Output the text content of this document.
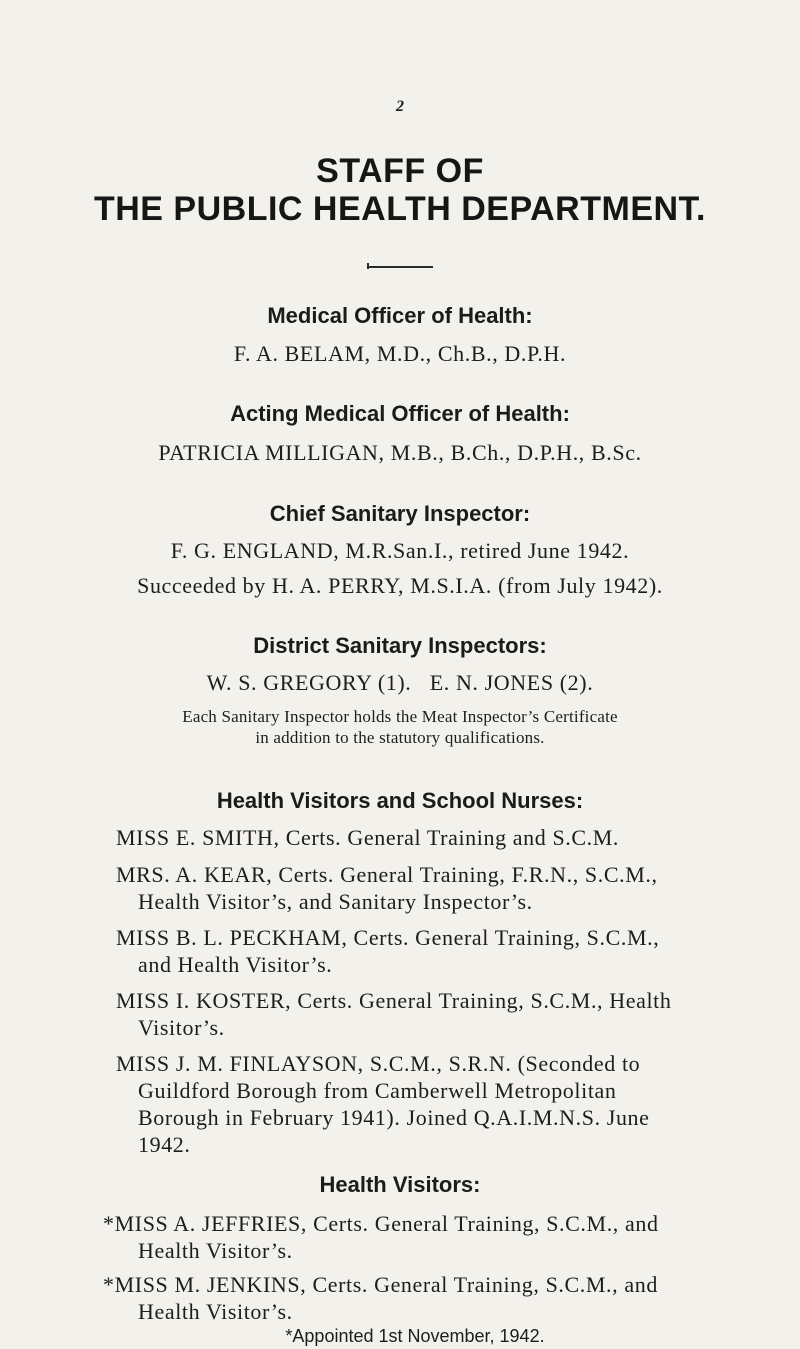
2
STAFF OF
THE PUBLIC HEALTH DEPARTMENT.
Medical Officer of Health:
F. A. BELAM, M.D., Ch.B., D.P.H.
Acting Medical Officer of Health:
PATRICIA MILLIGAN, M.B., B.Ch., D.P.H., B.Sc.
Chief Sanitary Inspector:
F. G. ENGLAND, M.R.San.I., retired June 1942.
Succeeded by H. A. PERRY, M.S.I.A. (from July 1942).
District Sanitary Inspectors:
W. S. GREGORY (1).   E. N. JONES (2).
Each Sanitary Inspector holds the Meat Inspector’s Certificate
in addition to the statutory qualifications.
Health Visitors and School Nurses:
MISS E. SMITH, Certs. General Training and S.C.M.
MRS. A. KEAR, Certs. General Training, F.R.N., S.C.M.,
Health Visitor’s, and Sanitary Inspector’s.
MISS B. L. PECKHAM, Certs. General Training, S.C.M.,
and Health Visitor’s.
MISS I. KOSTER, Certs. General Training, S.C.M., Health
Visitor’s.
MISS J. M. FINLAYSON, S.C.M., S.R.N. (Seconded to
Guildford Borough from Camberwell Metropolitan
Borough in February 1941). Joined Q.A.I.M.N.S. June
1942.
Health Visitors:
*MISS A. JEFFRIES, Certs. General Training, S.C.M., and
Health Visitor’s.
*MISS M. JENKINS, Certs. General Training, S.C.M., and
Health Visitor’s.
*Appointed 1st November, 1942.
